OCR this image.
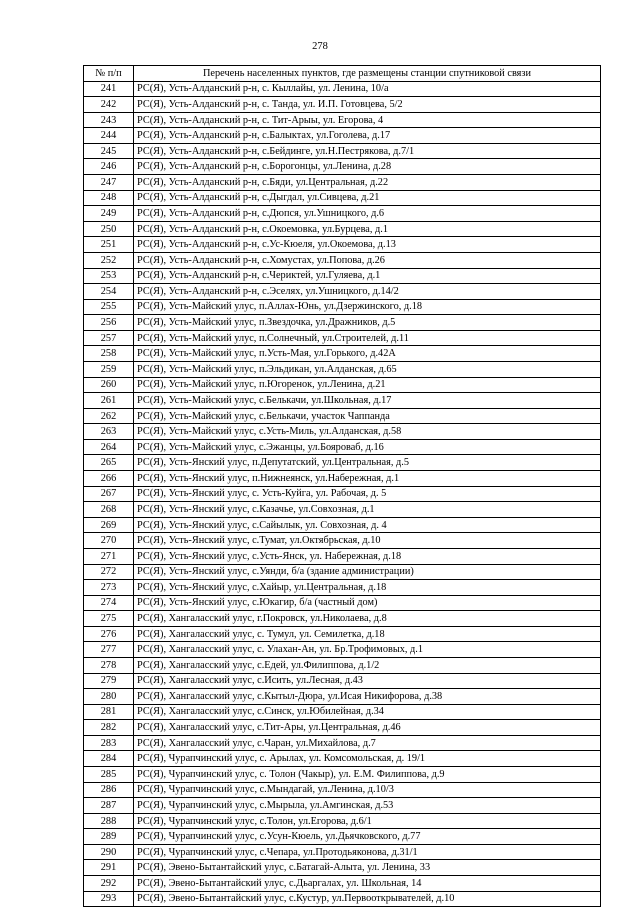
278
№ п/п	Перечень населенных пунктов, где размещены станции спутниковой связи
241	РС(Я), Усть-Алданский р-н, с. Кыллайы, ул. Ленина, 10/а
242	РС(Я), Усть-Алданский р-н, с. Танда, ул. И.П. Готовцева, 5/2
243	РС(Я), Усть-Алданский р-н, с. Тит-Арыы, ул. Егорова, 4
244	РС(Я), Усть-Алданский р-н, с.Балыктах, ул.Гоголева, д.17
245	РС(Я), Усть-Алданский р-н, с.Бейдинге, ул.Н.Пестрякова, д.7/1
246	РС(Я), Усть-Алданский р-н, с.Борогонцы, ул.Ленина, д.28
247	РС(Я), Усть-Алданский р-н, с.Бяди, ул.Центральная, д.22
248	РС(Я), Усть-Алданский р-н, с.Дыгдал, ул.Сивцева, д.21
249	РС(Я), Усть-Алданский р-н, с.Дюпся, ул.Ушницкого, д.6
250	РС(Я), Усть-Алданский р-н, с.Окоемовка, ул.Бурцева, д.1
251	РС(Я), Усть-Алданский р-н, с.Ус-Кюеля, ул.Окоемова, д.13
252	РС(Я), Усть-Алданский р-н, с.Хомустах, ул.Попова, д.26
253	РС(Я), Усть-Алданский р-н, с.Чериктей, ул.Гуляева, д.1
254	РС(Я), Усть-Алданский р-н, с.Эселях, ул.Ушницкого, д.14/2
255	РС(Я), Усть-Майский улус, п.Аллах-Юнь, ул.Дзержинского, д.18
256	РС(Я), Усть-Майский улус, п.Звездочка, ул.Дражников, д.5
257	РС(Я), Усть-Майский улус, п.Солнечный, ул.Строителей, д.11
258	РС(Я), Усть-Майский улус, п.Усть-Мая, ул.Горького, д.42А
259	РС(Я), Усть-Майский улус, п.Эльдикан, ул.Алданская, д.65
260	РС(Я), Усть-Майский улус, п.Югоренок, ул.Ленина, д.21
261	РС(Я), Усть-Майский улус, с.Белькачи, ул.Школьная, д.17
262	РС(Я), Усть-Майский улус, с.Белькачи, участок Чаппанда
263	РС(Я), Усть-Майский улус, с.Усть-Миль, ул.Алданская, д.58
264	РС(Я), Усть-Майский улус, с.Эжанцы, ул.Бояроваб, д.16
265	РС(Я), Усть-Янский улус, п.Депутатский, ул.Центральная, д.5
266	РС(Я), Усть-Янский улус, п.Нижнеянск, ул.Набережная, д.1
267	РС(Я), Усть-Янский улус, с. Усть-Куйга, ул. Рабочая, д. 5
268	РС(Я), Усть-Янский улус, с.Казачье, ул.Совхозная, д.1
269	РС(Я), Усть-Янский улус, с.Сайылык, ул. Совхозная, д. 4
270	РС(Я), Усть-Янский улус, с.Тумат, ул.Октябрьская, д.10
271	РС(Я), Усть-Янский улус, с.Усть-Янск, ул. Набережная, д.18
272	РС(Я), Усть-Янский улус, с.Уянди, б/а (здание администрации)
273	РС(Я), Усть-Янский улус, с.Хайыр, ул.Центральная, д.18
274	РС(Я), Усть-Янский улус, с.Юкагир, б/а (частный дом)
275	РС(Я), Хангаласский улус, г.Покровск, ул.Николаева, д.8
276	РС(Я), Хангаласский улус, с. Тумул, ул. Семилетка, д.18
277	РС(Я), Хангаласский улус, с. Улахан-Ан, ул. Бр.Трофимовых, д.1
278	РС(Я), Хангаласский улус, с.Едей, ул.Филиппова, д.1/2
279	РС(Я), Хангаласский улус, с.Исить, ул.Лесная, д.43
280	РС(Я), Хангаласский улус, с.Кытыл-Дюра, ул.Исая Никифорова, д.38
281	РС(Я), Хангаласский улус, с.Синск, ул.Юбилейная, д.34
282	РС(Я), Хангаласский улус, с.Тит-Ары, ул.Центральная, д.46
283	РС(Я), Хангаласский улус, с.Чаран, ул.Михайлова, д.7
284	РС(Я), Чурапчинский улус, с. Арылах, ул. Комсомольская, д. 19/1
285	РС(Я), Чурапчинский улус, с. Толон (Чакыр), ул. Е.М. Филиппова, д.9
286	РС(Я), Чурапчинский улус, с.Мындагай, ул.Ленина, д.10/3
287	РС(Я), Чурапчинский улус, с.Мырыла, ул.Амгинская, д.53
288	РС(Я), Чурапчинский улус, с.Толон, ул.Егорова, д.6/1
289	РС(Я), Чурапчинский улус, с.Усун-Кюель, ул.Дьячковского, д.77
290	РС(Я), Чурапчинский улус, с.Чепара, ул.Протодьяконова, д.31/1
291	РС(Я), Эвено-Бытантайский улус, с.Батагай-Алыта, ул. Ленина, 33
292	РС(Я), Эвено-Бытантайский улус, с.Дьаргалах, ул. Школьная, 14
293	РС(Я), Эвено-Бытантайский улус, с.Кустур, ул.Первооткрывателей, д.10
